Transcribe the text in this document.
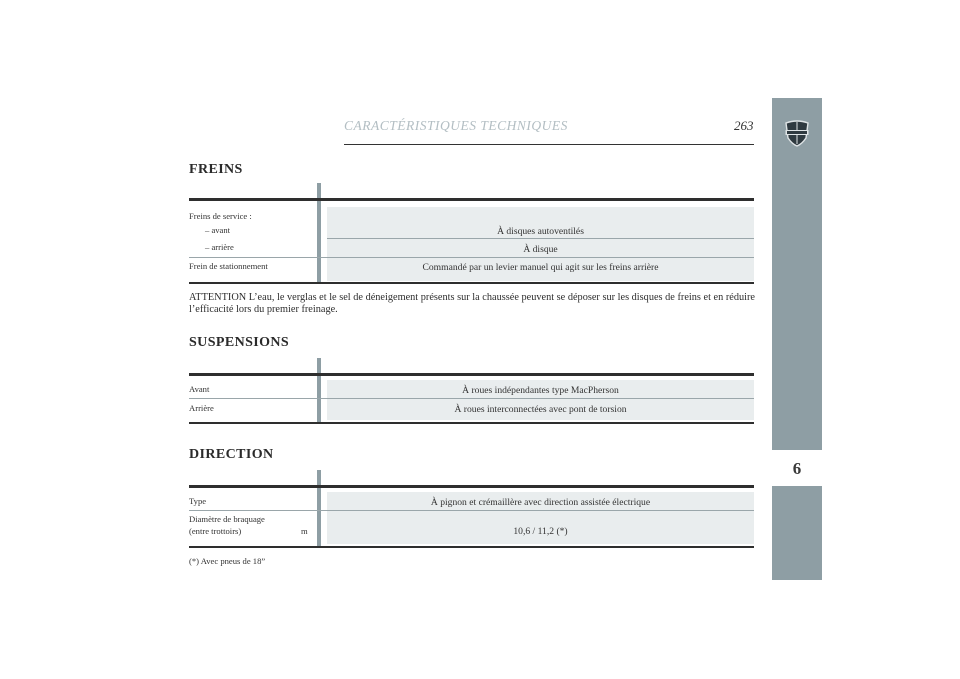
6
CARACTÉRISTIQUES TECHNIQUES	263
FREINS
Freins de service :
– avant	À disques autoventilés
– arrière	À disque
Frein de stationnement	Commandé par un levier manuel qui agit sur les freins arrière
ATTENTION L’eau, le verglas et le sel de déneigement présents sur la chaussée peuvent se déposer sur les disques de freins et en réduire l’efficacité lors du premier freinage.
SUSPENSIONS
Avant	À roues indépendantes type MacPherson
Arrière	À roues interconnectées avec pont de torsion
DIRECTION
Type	À pignon et crémaillère avec direction assistée électrique
Diamètre de braquage
(entre trottoirs)	m	10,6 / 11,2 (*)
(*) Avec pneus de 18”
